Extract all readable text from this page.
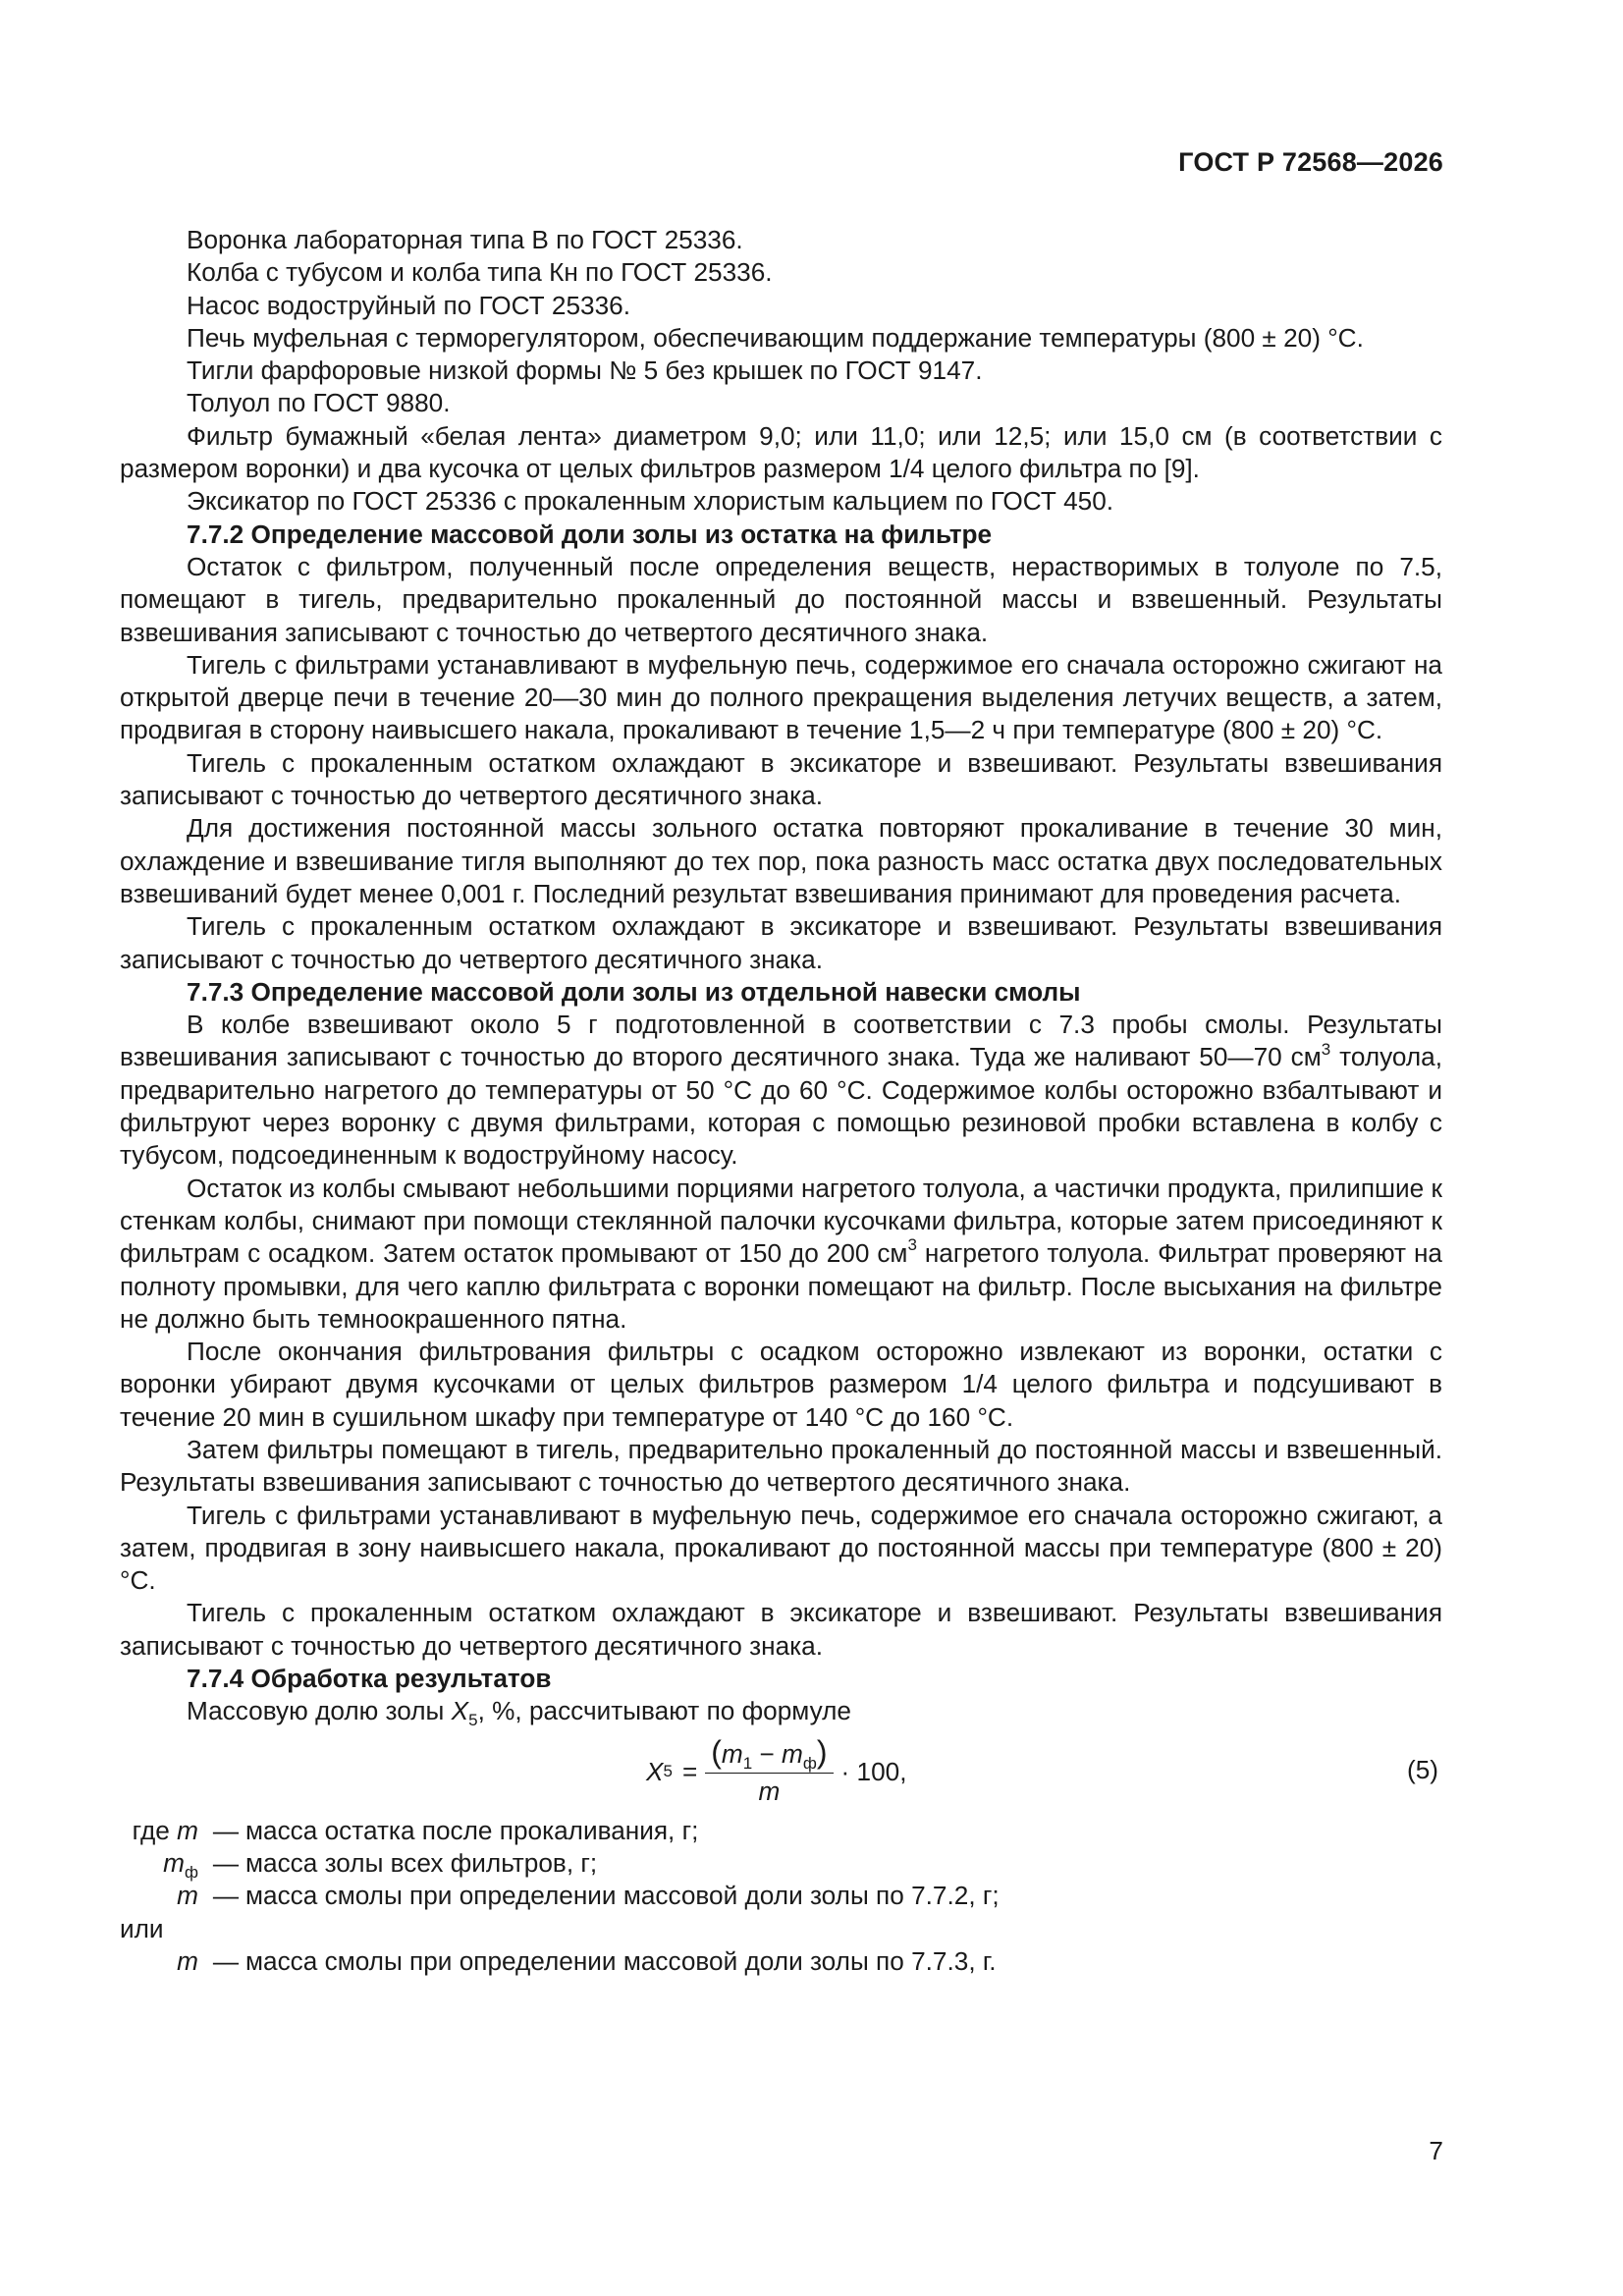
ГОСТ Р 72568—2026

Воронка лабораторная типа В по ГОСТ 25336.

Колба с тубусом и колба типа Кн по ГОСТ 25336.

Насос водоструйный по ГОСТ 25336.

Печь муфельная с терморегулятором, обеспечивающим поддержание температуры (800 ± 20) °С.

Тигли фарфоровые низкой формы № 5 без крышек по ГОСТ 9147.

Толуол по ГОСТ 9880.

Фильтр бумажный «белая лента» диаметром 9,0; или 11,0; или 12,5; или 15,0 см (в соответствии с размером воронки) и два кусочка от целых фильтров размером 1/4 целого фильтра по [9].

Эксикатор по ГОСТ 25336 с прокаленным хлористым кальцием по ГОСТ 450.

7.7.2 Определение массовой доли золы из остатка на фильтре

Остаток с фильтром, полученный после определения веществ, нерастворимых в толуоле по 7.5, помещают в тигель, предварительно прокаленный до постоянной массы и взвешенный. Результаты взвешивания записывают с точностью до четвертого десятичного знака.

Тигель с фильтрами устанавливают в муфельную печь, содержимое его сначала осторожно сжигают на открытой дверце печи в течение 20—30 мин до полного прекращения выделения летучих веществ, а затем, продвигая в сторону наивысшего накала, прокаливают в течение 1,5—2 ч при температуре (800 ± 20) °С.

Тигель с прокаленным остатком охлаждают в эксикаторе и взвешивают. Результаты взвешивания записывают с точностью до четвертого десятичного знака.

Для достижения постоянной массы зольного остатка повторяют прокаливание в течение 30 мин, охлаждение и взвешивание тигля выполняют до тех пор, пока разность масс остатка двух последовательных взвешиваний будет менее 0,001 г. Последний результат взвешивания принимают для проведения расчета.

Тигель с прокаленным остатком охлаждают в эксикаторе и взвешивают. Результаты взвешивания записывают с точностью до четвертого десятичного знака.

7.7.3 Определение массовой доли золы из отдельной навески смолы

В колбе взвешивают около 5 г подготовленной в соответствии с 7.3 пробы смолы. Результаты взвешивания записывают с точностью до второго десятичного знака. Туда же наливают 50—70 $см^3$ толуола, предварительно нагретого до температуры от 50 °С до 60 °С. Содержимое колбы осторожно взбалтывают и фильтруют через воронку с двумя фильтрами, которая с помощью резиновой пробки вставлена в колбу с тубусом, подсоединенным к водоструйному насосу.

Остаток из колбы смывают небольшими порциями нагретого толуола, а частички продукта, прилипшие к стенкам колбы, снимают при помощи стеклянной палочки кусочками фильтра, которые затем присоединяют к фильтрам с осадком. Затем остаток промывают от 150 до 200 $см^3$ нагретого толуола. Фильтрат проверяют на полноту промывки, для чего каплю фильтрата с воронки помещают на фильтр. После высыхания на фильтре не должно быть темноокрашенного пятна.

После окончания фильтрования фильтры с осадком осторожно извлекают из воронки, остатки с воронки убирают двумя кусочками от целых фильтров размером 1/4 целого фильтра и подсушивают в течение 20 мин в сушильном шкафу при температуре от 140 °С до 160 °С.

Затем фильтры помещают в тигель, предварительно прокаленный до постоянной массы и взвешенный. Результаты взвешивания записывают с точностью до четвертого десятичного знака.

Тигель с фильтрами устанавливают в муфельную печь, содержимое его сначала осторожно сжигают, а затем, продвигая в зону наивысшего накала, прокаливают до постоянной массы при температуре (800 ± 20) °С.

Тигель с прокаленным остатком охлаждают в эксикаторе и взвешивают. Результаты взвешивания записывают с точностью до четвертого десятичного знака.

7.7.4 Обработка результатов

Массовую долю золы $X_5$, %, рассчитывают по формуле

X $5 = \frac{(m_1 - m_ф)}{m} \cdot 100$,	(5)
где m — масса остатка после прокаливания, г;
$m_ф$ — масса золы всех фильтров, г;
m — масса смолы при определении массовой доли золы по 7.7.2, г;
или
m — масса смолы при определении массовой доли золы по 7.7.3, г.
7
